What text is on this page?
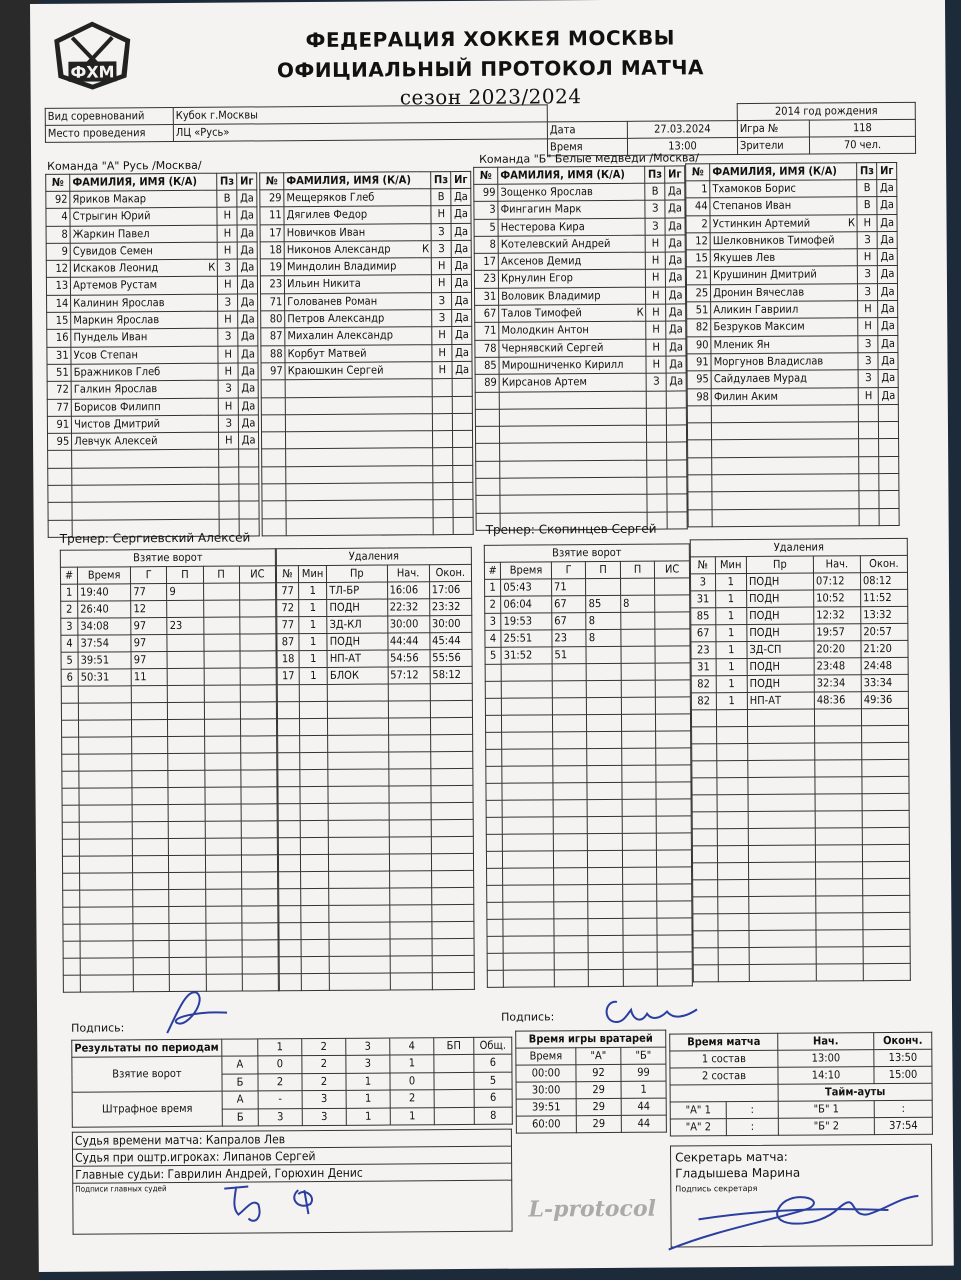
ФХМ
ФЕДЕРАЦИЯ ХОККЕЯ МОСКВЫ
ОФИЦИАЛЬНЫЙ ПРОТОКОЛ МАТЧА
сезон 2023/2024
Вид соревнований	Кубок г.Москвы			2014 год рождения	
Место проведения	ЛЦ «Русь»	Дата	27.03.2024	Игра №	118
		Время	13:00	Зрители	70 чел.
Команда "А" Русь /Москва/	Команда "Б" Белые медведи /Москва/
№	ФАМИЛИЯ, ИМЯ (К/А)		Пз	Иг
92	Яриков Макар		В	Да
4	Стрыгин Юрий		Н	Да
8	Жаркин Павел		Н	Да
9	Сувидов Семен		Н	Да
12	Искаков Леонид	К	З	Да
13	Артемов Рустам		Н	Да
14	Калинин Ярослав		З	Да
15	Маркин Ярослав		Н	Да
16	Пундель Иван		З	Да
31	Усов Степан		Н	Да
51	Бражников Глеб		Н	Да
72	Галкин Ярослав		З	Да
77	Борисов Филипп		Н	Да
91	Чистов Дмитрий		З	Да
95	Левчук Алексей		Н	Да

№	ФАМИЛИЯ, ИМЯ (К/А)		Пз	Иг
29	Мещеряков Глеб		В	Да
11	Дягилев Федор		Н	Да
17	Новичков Иван		З	Да
18	Никонов Александр	К	З	Да
19	Миндолин Владимир		Н	Да
23	Ильин Никита		Н	Да
71	Голованев Роман		З	Да
80	Петров Александр		З	Да
87	Михалин Александр		Н	Да
88	Корбут Матвей		Н	Да
97	Краюшкин Сергей		Н	Да

№	ФАМИЛИЯ, ИМЯ (К/А)		Пз	Иг
99	Зощенко Ярослав		В	Да
3	Фингагин Марк		З	Да
5	Нестерова Кира		З	Да
8	Котелевский Андрей		Н	Да
17	Аксенов Демид		Н	Да
23	Крнулин Егор		Н	Да
31	Воловик Владимир		Н	Да
67	Талов Тимофей	К	Н	Да
71	Молодкин Антон		Н	Да
78	Чернявский Сергей		Н	Да
85	Мирошниченко Кирилл		Н	Да
89	Кирсанов Артем		З	Да

№	ФАМИЛИЯ, ИМЯ (К/А)		Пз	Иг
1	Тхамоков Борис		В	Да
44	Степанов Иван		В	Да
2	Устинкин Артемий	К	Н	Да
12	Шелковников Тимофей		З	Да
15	Якушев Лев		Н	Да
21	Крушинин Дмитрий		З	Да
25	Дронин Вячеслав		З	Да
51	Аликин Гавриил		Н	Да
82	Безруков Максим		Н	Да
90	Мленик Ян		З	Да
91	Моргунов Владислав		З	Да
95	Сайдулаев Мурад		З	Да
98	Филин Аким		Н	Да

Тренер: Сергиевский Алексей
Тренер: Скопинцев Сергей
Взятие ворот					
#	Время	Г	П	П	ИС
1	19:40	77	9		
2	26:40	12			
3	34:08	97	23		
4	37:54	97			
5	39:51	97			
6	50:31	11			

Удаления				
№	Мин	Пр	Нач.	Окон.
77	1	ТЛ-БР	16:06	17:06
72	1	ПОДН	22:32	23:32
77	1	ЗД-КЛ	30:00	30:00
87	1	ПОДН	44:44	45:44
18	1	НП-АТ	54:56	55:56
17	1	БЛОК	57:12	58:12

Взятие ворот					
#	Время	Г	П	П	ИС
1	05:43	71			
2	06:04	67	85	8	
3	19:53	67	8		
4	25:51	23	8		
5	31:52	51			

Удаления				
№	Мин	Пр	Нач.	Окон.
3	1	ПОДН	07:12	08:12
31	1	ПОДН	10:52	11:52
85	1	ПОДН	12:32	13:32
67	1	ПОДН	19:57	20:57
23	1	ЗД-СП	20:20	21:20
31	1	ПОДН	23:48	24:48
82	1	ПОДН	32:34	33:34
82	1	НП-АТ	48:36	49:36

Подпись:
Подпись:
Результаты по периодам		1	2	3	4	БП	Общ.
Взятие ворот	А	0	2	3	1		6
	Б	2	2	1	0		5
Штрафное время	А	-	3	1	2		6
	Б	3	3	1	1		8
Время игры вратарей		
Время	"А"	"Б"
00:00	92	99
30:00	29	1
39:51	29	44
60:00	29	44
Время матча		Нач.	Оконч.
1 состав		13:00	13:50
2 состав		14:10	15:00
		Тайм-ауты	
"А" 1	:	"Б" 1	:
"А" 2	:	"Б" 2	37:54
Судья времени матча: Капралов Лев
Судья при оштр.игроках: Липанов Сергей
Главные судьи: Гаврилин Андрей, Горюхин Денис
Подписи главных судей
Секретарь матча:
Гладышева Марина
Подпись секретаря
L-protocol
